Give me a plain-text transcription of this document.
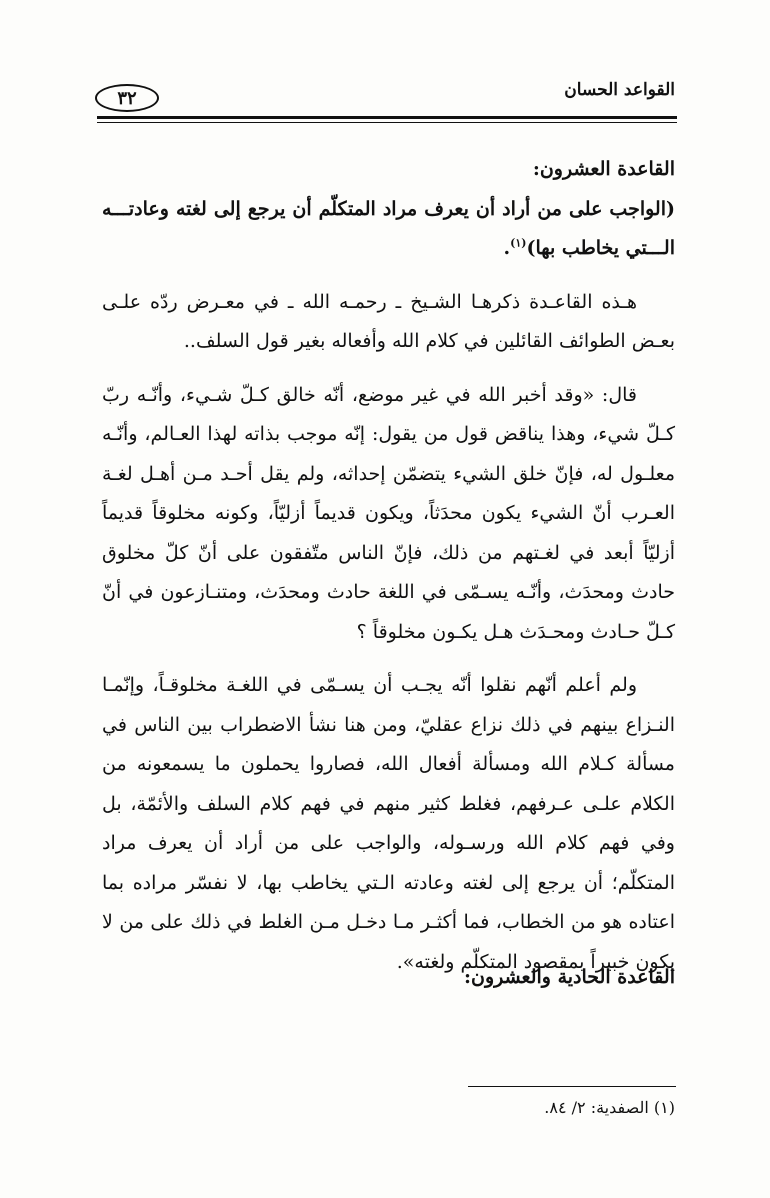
القواعد الحسان
٣٢

القاعدة العشرون:

(الواجب على من أراد أن يعرف مراد المتكلّم أن يرجع إلى لغته وعادتـــه الـــتي يخاطب بها)$^{(١)}$.

هـذه القاعـدة ذكرهـا الشـيخ ـ رحمـه الله ـ في معـرض ردّه علـى بعـض الطوائف القائلين في كلام الله وأفعاله بغير قول السلف..

قال: «وقد أخبر الله في غير موضع، أنّه خالق كـلّ شـيء، وأنّـه ربّ كـلّ شيء، وهذا يناقض قول من يقول: إنّه موجب بذاته لهذا العـالم، وأنّـه معلـول له، فإنّ خلق الشيء يتضمّن إحداثه، ولم يقل أحـد مـن أهـل لغـة العـرب أنّ الشيء يكون محدَثاً، ويكون قديماً أزليّاً، وكونه مخلوقاً قديماً أزليّاً أبعد في لغـتهم من ذلك، فإنّ الناس متّفقون على أنّ كلّ مخلوق حادث ومحدَث، وأنّـه يسـمّى في اللغة حادث ومحدَث، ومتنـازعون في أنّ كـلّ حـادث ومحـدَث هـل يكـون مخلوقاً ؟

ولم أعلم أنّهم نقلوا أنّه يجـب أن يسـمّى في اللغـة مخلوقـاً، وإنّمـا النـزاع بينهم في ذلك نزاع عقليّ، ومن هنا نشأ الاضطراب بين الناس في مسألة كـلام الله ومسألة أفعال الله، فصاروا يحملون ما يسمعونه من الكلام علـى عـرفهم، فغلط كثير منهم في فهم كلام السلف والأئمّة، بل وفي فهم كلام الله ورسـوله، والواجب على من أراد أن يعرف مراد المتكلّم؛ أن يرجع إلى لغته وعادته الـتي يخاطب بها، لا نفسّر مراده بما اعتاده هو من الخطاب، فما أكثـر مـا دخـل مـن الغلط في ذلك على من لا يكون خبيراً بمقصود المتكلّم ولغته».

القاعدة الحادية والعشرون:
(١) الصفدية: ٢/ ٨٤.
